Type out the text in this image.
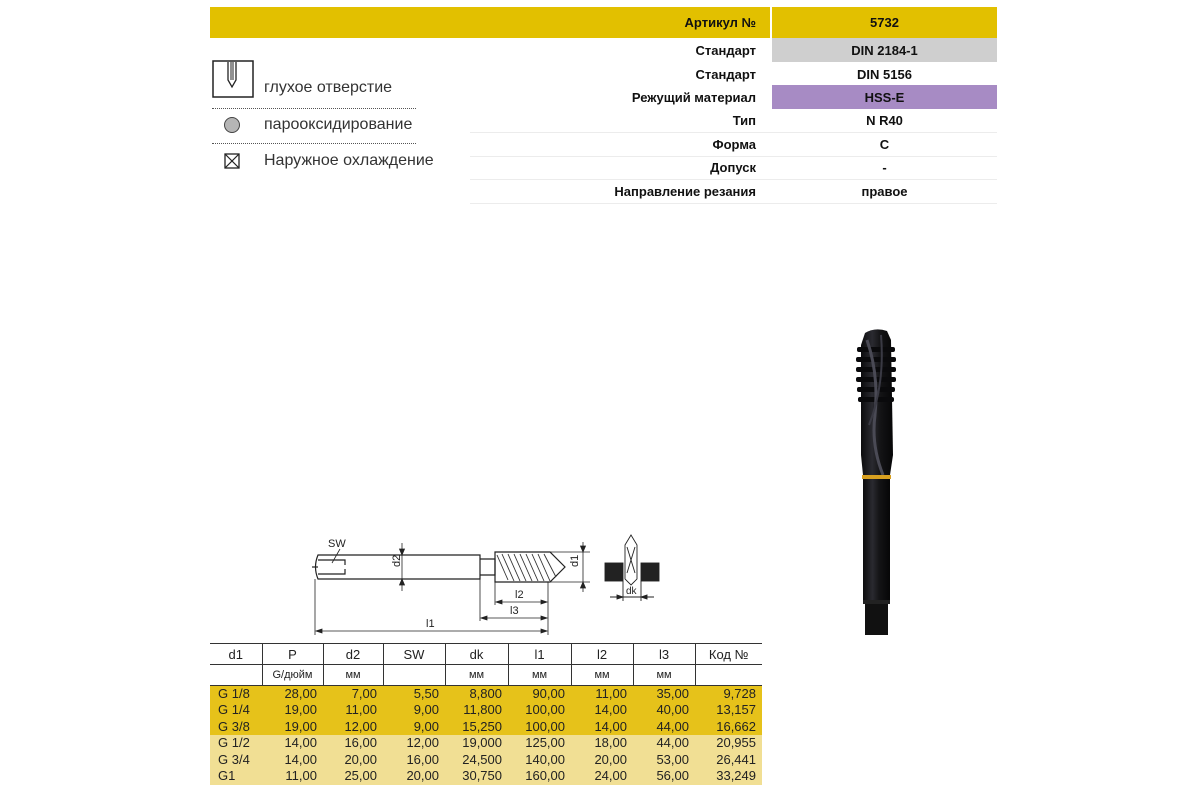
Артикул №	5732
Стандарт	DIN 2184-1
Стандарт	DIN 5156
Режущий материал	HSS-E
Тип	N R40
Форма	C
Допуск	-
Направление резания	правое
глухое отверстие
парооксидирование
Наружное охлаждение
SW
d2	d1
l2
l3
l1
dk
d1	P	d2	SW	dk	l1	l2	l3	Код №
	G/дюйм	мм		мм	мм	мм	мм	
G 1/8	28,00	7,00	5,50	8,800	90,00	11,00	35,00	9,728
G 1/4	19,00	11,00	9,00	11,800	100,00	14,00	40,00	13,157
G 3/8	19,00	12,00	9,00	15,250	100,00	14,00	44,00	16,662
G 1/2	14,00	16,00	12,00	19,000	125,00	18,00	44,00	20,955
G 3/4	14,00	20,00	16,00	24,500	140,00	20,00	53,00	26,441
G1	11,00	25,00	20,00	30,750	160,00	24,00	56,00	33,249
